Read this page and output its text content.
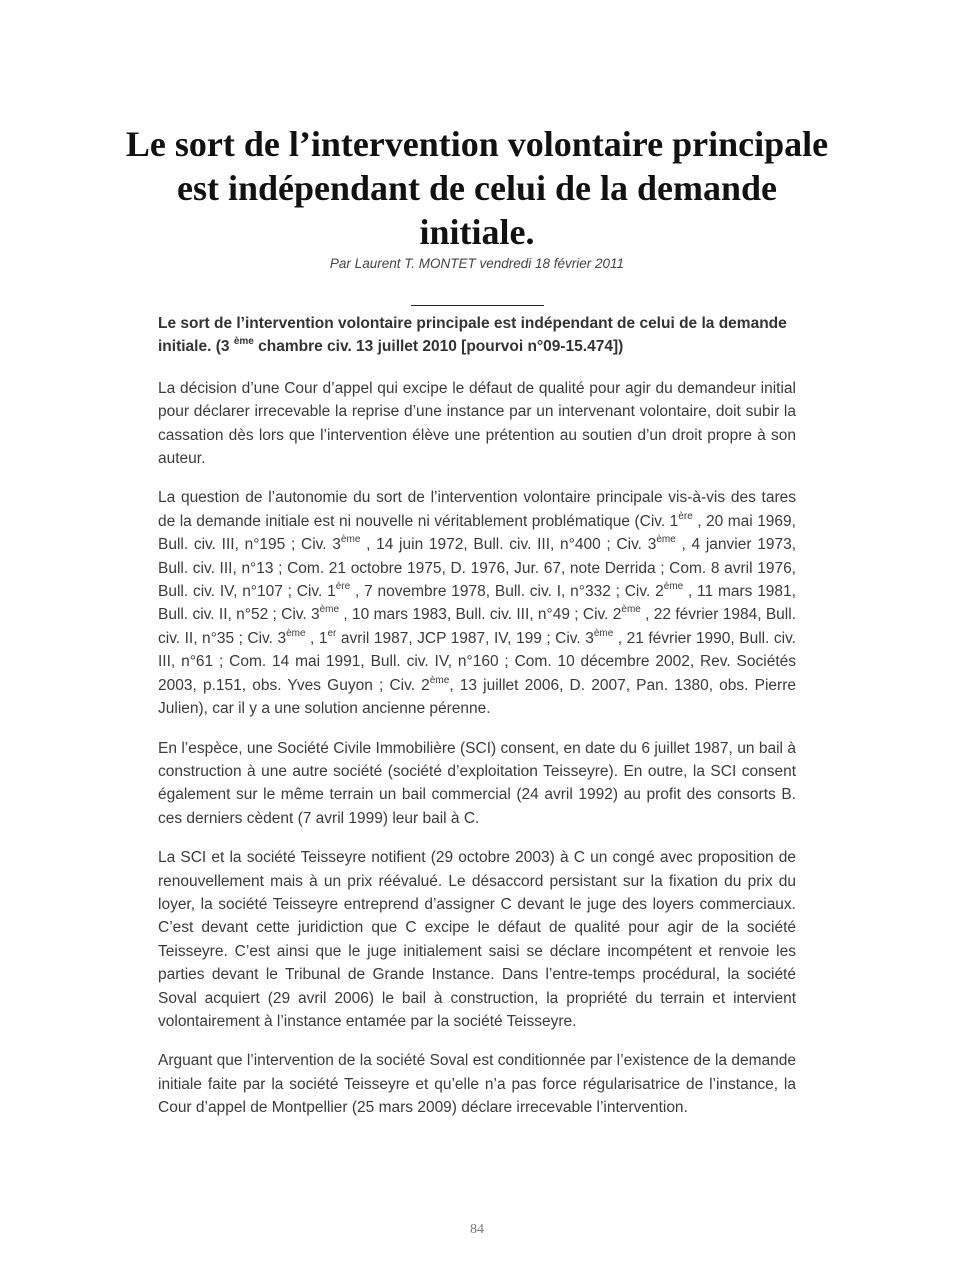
Le sort de l’intervention volontaire principale est indépendant de celui de la demande initiale.
Par Laurent T. MONTET vendredi 18 février 2011

Le sort de l’intervention volontaire principale est indépendant de celui de la demande initiale. (3 $^{ème}$ chambre civ. 13 juillet 2010 [pourvoi n°09-15.474])

La décision d’une Cour d’appel qui excipe le défaut de qualité pour agir du demandeur initial pour déclarer irrecevable la reprise d’une instance par un intervenant volontaire, doit subir la cassation dès lors que l’intervention élève une prétention au soutien d’un droit propre à son auteur.

La question de l’autonomie du sort de l’intervention volontaire principale vis-à-vis des tares de la demande initiale est ni nouvelle ni véritablement problématique (Civ. 1ère , 20 mai 1969, Bull. civ. III, n°195 ; Civ. 3ème , 14 juin 1972, Bull. civ. III, n°400 ; Civ. 3ème , 4 janvier 1973, Bull. civ. III, n°13 ; Com. 21 octobre 1975, D. 1976, Jur. 67, note Derrida ; Com. 8 avril 1976, Bull. civ. IV, n°107 ; Civ. 1ère , 7 novembre 1978, Bull. civ. I, n°332 ; Civ. 2ème , 11 mars 1981, Bull. civ. II, n°52 ; Civ. 3ème , 10 mars 1983, Bull. civ. III, n°49 ; Civ. 2ème , 22 février 1984, Bull. civ. II, n°35 ; Civ. 3ème , 1er avril 1987, JCP 1987, IV, 199 ; Civ. 3ème , 21 février 1990, Bull. civ. III, n°61 ; Com. 14 mai 1991, Bull. civ. IV, n°160 ; Com. 10 décembre 2002, Rev. Sociétés 2003, p.151, obs. Yves Guyon ; Civ. 2ème, 13 juillet 2006, D. 2007, Pan. 1380, obs. Pierre Julien), car il y a une solution ancienne pérenne.

En l’espèce, une Société Civile Immobilière (SCI) consent, en date du 6 juillet 1987, un bail à construction à une autre société (société d’exploitation Teisseyre). En outre, la SCI consent également sur le même terrain un bail commercial (24 avril 1992) au profit des consorts B. ces derniers cèdent (7 avril 1999) leur bail à C.

La SCI et la société Teisseyre notifient (29 octobre 2003) à C un congé avec proposition de renouvellement mais à un prix réévalué. Le désaccord persistant sur la fixation du prix du loyer, la société Teisseyre entreprend d’assigner C devant le juge des loyers commerciaux. C’est devant cette juridiction que C excipe le défaut de qualité pour agir de la société Teisseyre. C’est ainsi que le juge initialement saisi se déclare incompétent et renvoie les parties devant le Tribunal de Grande Instance. Dans l’entre-temps procédural, la société Soval acquiert (29 avril 2006) le bail à construction, la propriété du terrain et intervient volontairement à l’instance entamée par la société Teisseyre.

Arguant que l’intervention de la société Soval est conditionnée par l’existence de la demande initiale faite par la société Teisseyre et qu’elle n’a pas force régularisatrice de l’instance, la Cour d’appel de Montpellier (25 mars 2009) déclare irrecevable l’intervention.

84
